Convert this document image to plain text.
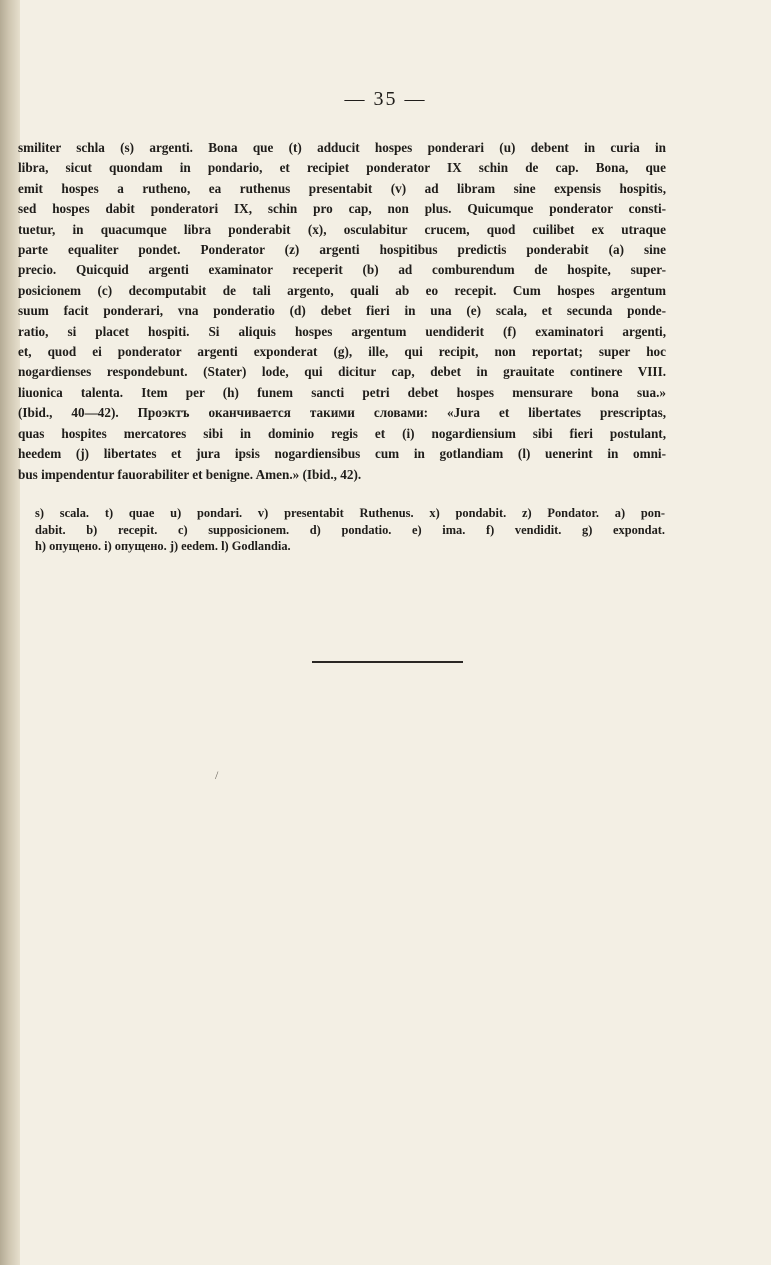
— 35 —
smiliter schla (s) argenti. Bona que (t) adducit hospes ponderari (u) debent in curia in
libra, sicut quondam in pondario, et recipiet ponderator IX schin de cap. Bona, que
emit hospes a rutheno, ea ruthenus presentabit (v) ad libram sine expensis hospitis,
sed hospes dabit ponderatori IX, schin pro cap, non plus. Quicumque ponderator consti-
tuetur, in quacumque libra ponderabit (x), osculabitur crucem, quod cuilibet ex utraque
parte equaliter pondet. Ponderator (z) argenti hospitibus predictis ponderabit (a) sine
precio. Quicquid argenti examinator receperit (b) ad comburendum de hospite, super-
posicionem (c) decomputabit de tali argento, quali ab eo recepit. Cum hospes argentum
suum facit ponderari, vna ponderatio (d) debet fieri in una (e) scala, et secunda ponde-
ratio, si placet hospiti. Si aliquis hospes argentum uendiderit (f) examinatori argenti,
et, quod ei ponderator argenti exponderat (g), ille, qui recipit, non reportat; super hoc
nogardienses respondebunt. (Stater) lode, qui dicitur cap, debet in grauitate continere VIII.
liuonica talenta. Item per (h) funem sancti petri debet hospes mensurare bona sua.»
(Ibid., 40—42). Проэктъ оканчивается такими словами: «Jura et libertates prescriptas,
quas hospites mercatores sibi in dominio regis et (i) nogardiensium sibi fieri postulant,
heedem (j) libertates et jura ipsis nogardiensibus cum in gotlandiam (l) uenerint in omni-
bus impendentur fauorabiliter et benigne. Amen.» (Ibid., 42).
s) scala. t) quae u) pondari. v) presentabit Ruthenus. x) pondabit. z) Pondator. a) pon-
dabit. b) recepit. c) supposicionem. d) pondatio. e) ima. f) vendidit. g) expondat.
h) опущено. i) опущено. j) eedem. l) Godlandia.
/
